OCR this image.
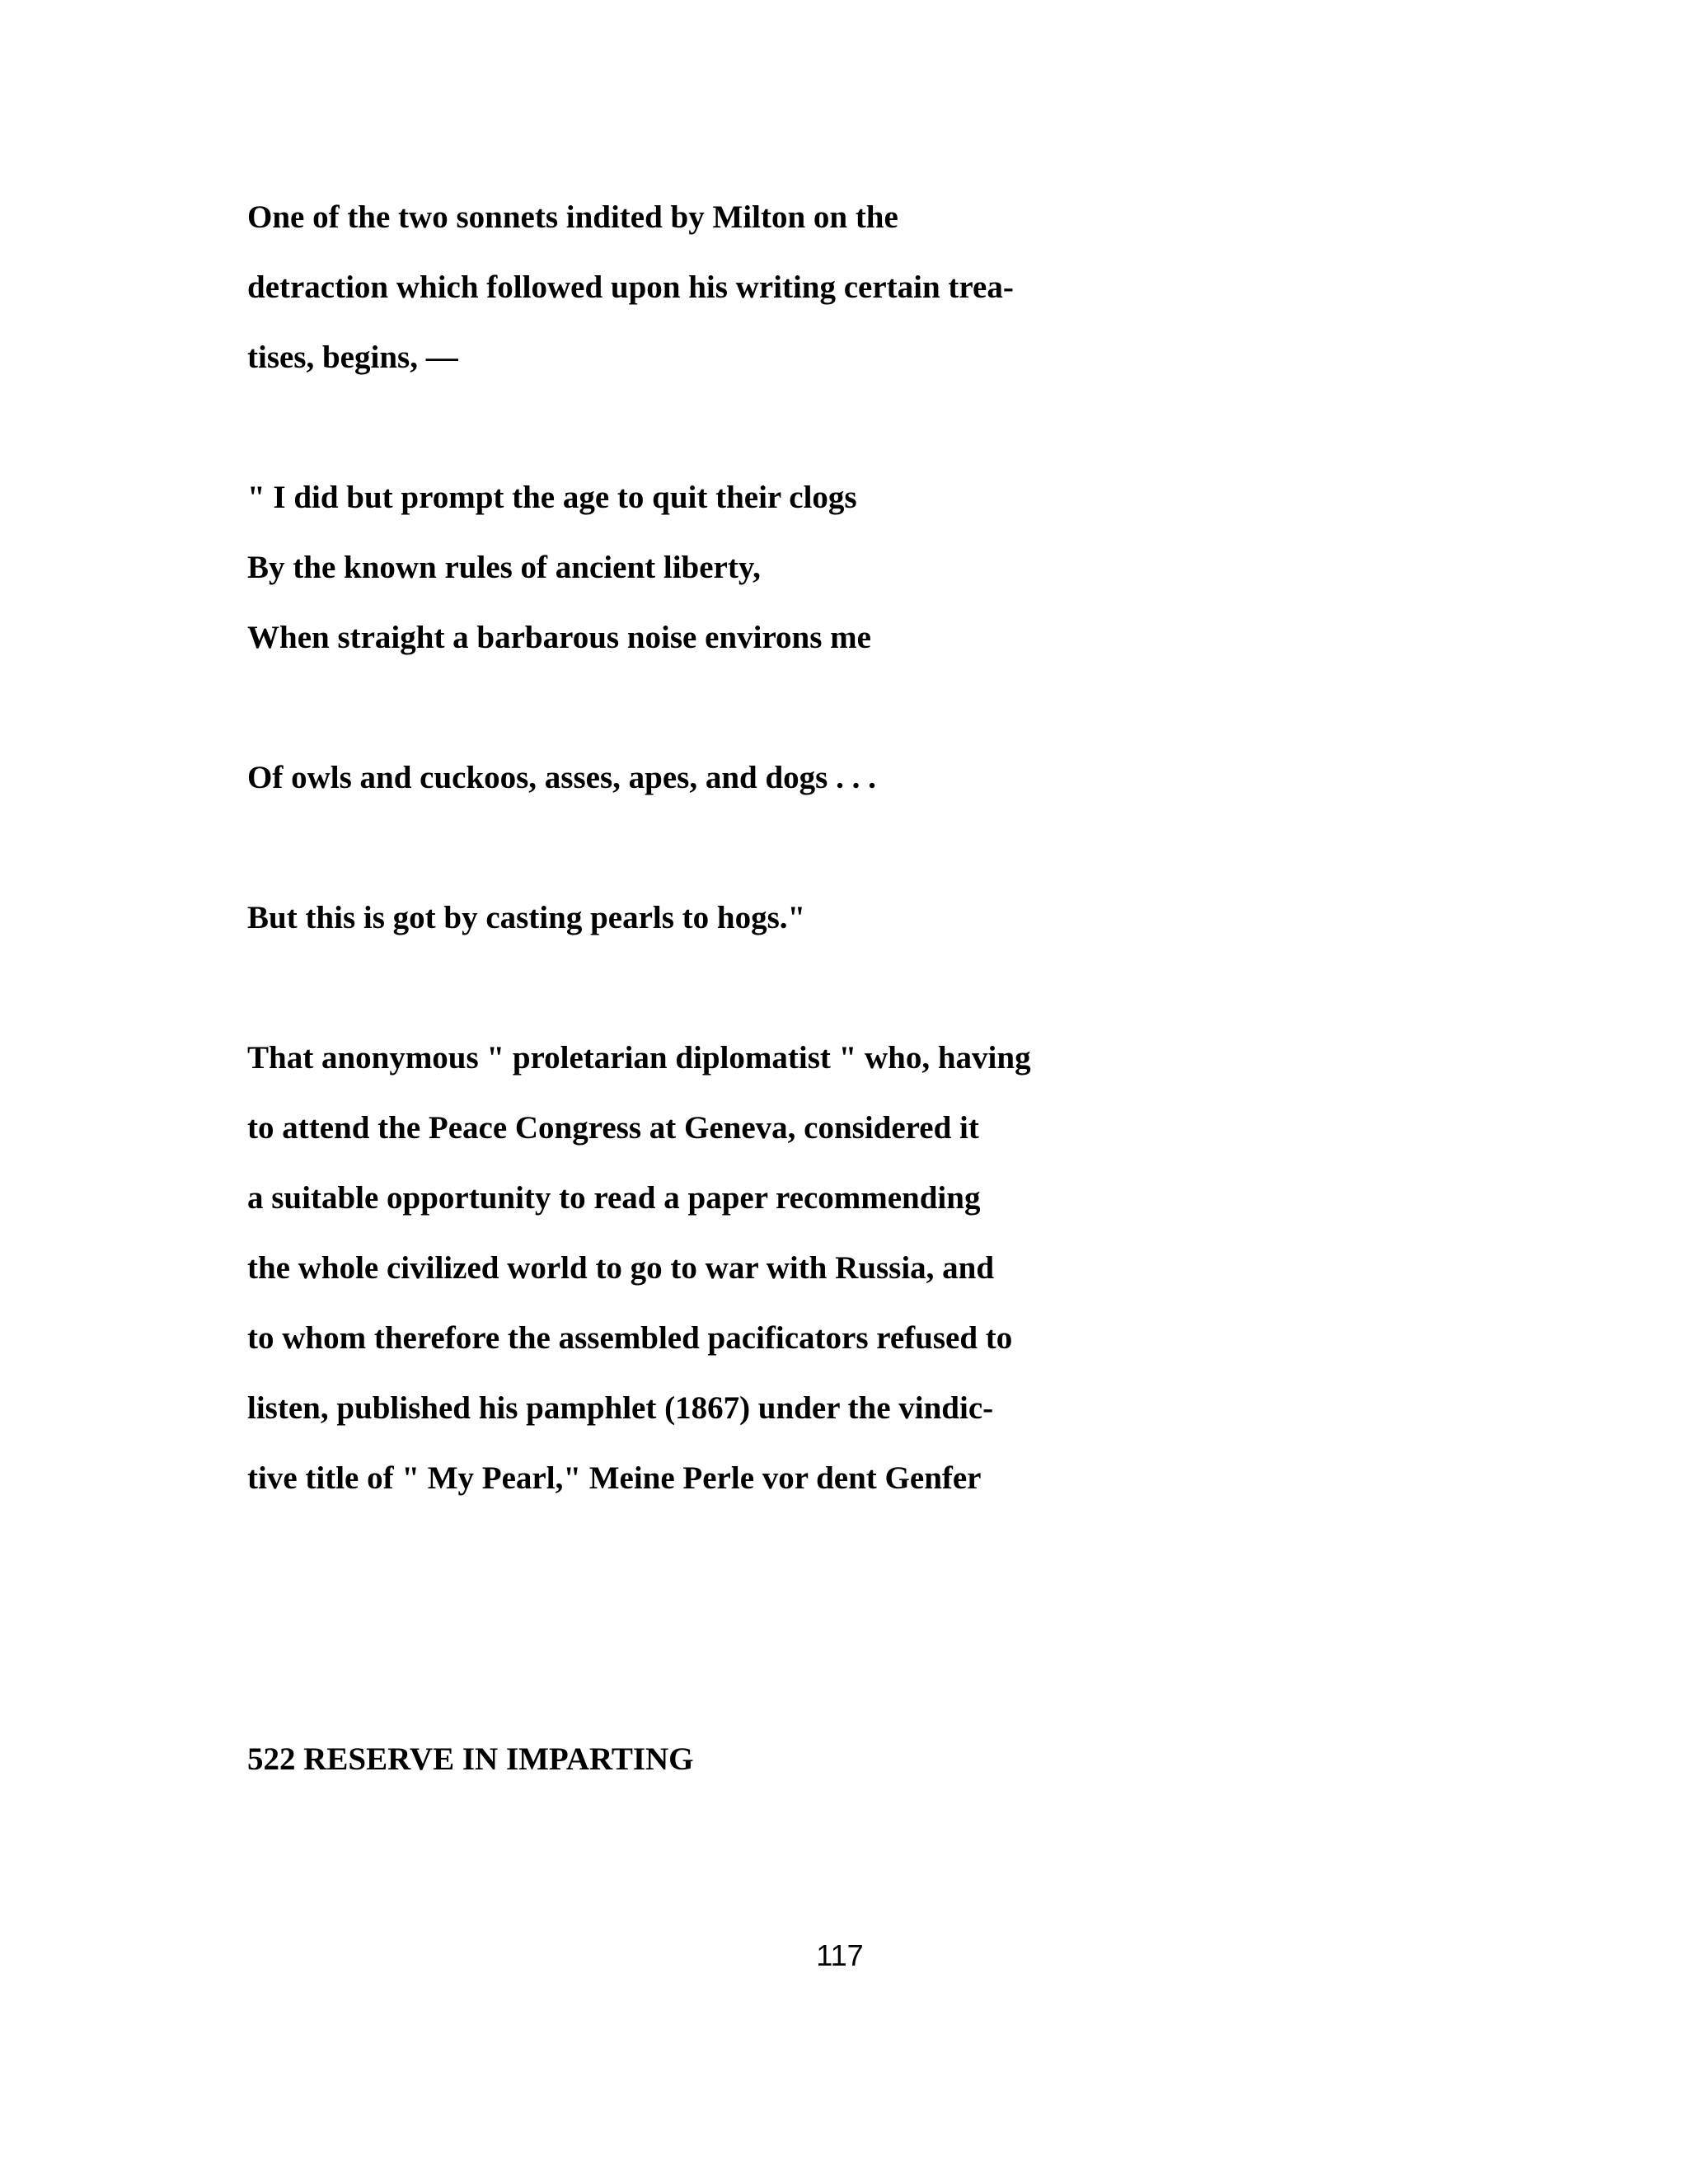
One of the two sonnets indited by Milton on the

detraction which followed upon his writing certain trea-

tises, begins, —

" I did but prompt the age to quit their clogs

By the known rules of ancient liberty,

When straight a barbarous noise environs me

Of owls and cuckoos, asses, apes, and dogs . . .

But this is got by casting pearls to hogs."

That anonymous " proletarian diplomatist " who, having

to attend the Peace Congress at Geneva, considered it

a suitable opportunity to read a paper recommending

the whole civilized world to go to war with Russia, and

to whom therefore the assembled pacificators refused to

listen, published his pamphlet (1867) under the vindic-

tive title of " My Pearl," Meine Perle vor dent Genfer

522 RESERVE IN IMPARTING

117
